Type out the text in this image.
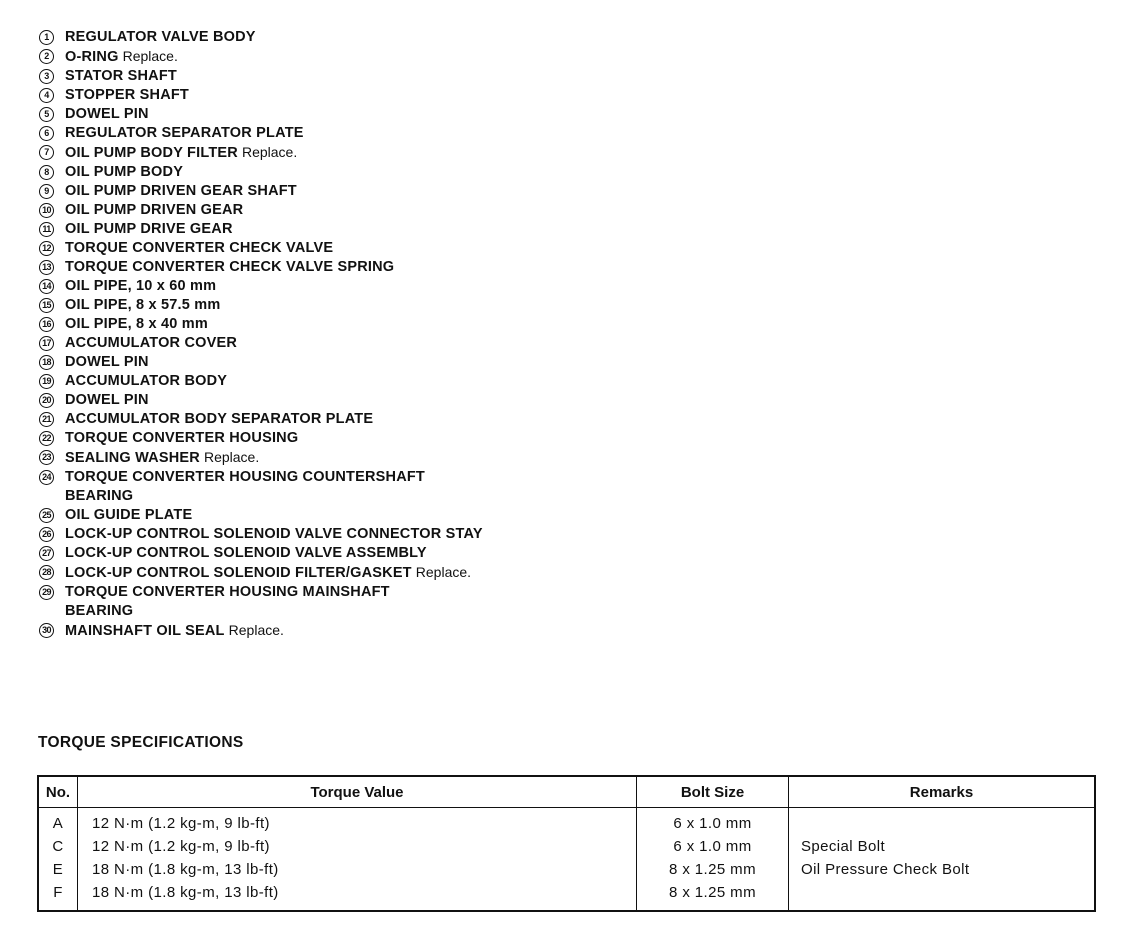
1	REGULATOR VALVE BODY
2	O-RING Replace.
3	STATOR SHAFT
4	STOPPER SHAFT
5	DOWEL PIN
6	REGULATOR SEPARATOR PLATE
7	OIL PUMP BODY FILTER Replace.
8	OIL PUMP BODY
9	OIL PUMP DRIVEN GEAR SHAFT
10 OIL PUMP DRIVEN GEAR
11 OIL PUMP DRIVE GEAR
12 TORQUE CONVERTER CHECK VALVE
13 TORQUE CONVERTER CHECK VALVE SPRING
14 OIL PIPE, 10 x 60 mm
15 OIL PIPE, 8 x 57.5 mm
16 OIL PIPE, 8 x 40 mm
17 ACCUMULATOR COVER
18 DOWEL PIN
19 ACCUMULATOR BODY
20 DOWEL PIN
21 ACCUMULATOR BODY SEPARATOR PLATE
22 TORQUE CONVERTER HOUSING
23 SEALING WASHER Replace.
24 TORQUE CONVERTER HOUSING COUNTERSHAFT BEARING
25 OIL GUIDE PLATE
26 LOCK-UP CONTROL SOLENOID VALVE CONNECTOR STAY
27 LOCK-UP CONTROL SOLENOID VALVE ASSEMBLY
28 LOCK-UP CONTROL SOLENOID FILTER/GASKET Replace.
29 TORQUE CONVERTER HOUSING MAINSHAFT BEARING
30 MAINSHAFT OIL SEAL Replace.
TORQUE SPECIFICATIONS
No.	Torque Value	Bolt Size	Remarks
A	12 N·m (1.2 kg-m, 9 lb-ft)	6 x 1.0 mm	
C	12 N·m (1.2 kg-m, 9 lb-ft)	6 x 1.0 mm	Special Bolt
E	18 N·m (1.8 kg-m, 13 lb-ft)	8 x 1.25 mm	Oil Pressure Check Bolt
F	18 N·m (1.8 kg-m, 13 lb-ft)	8 x 1.25 mm	
